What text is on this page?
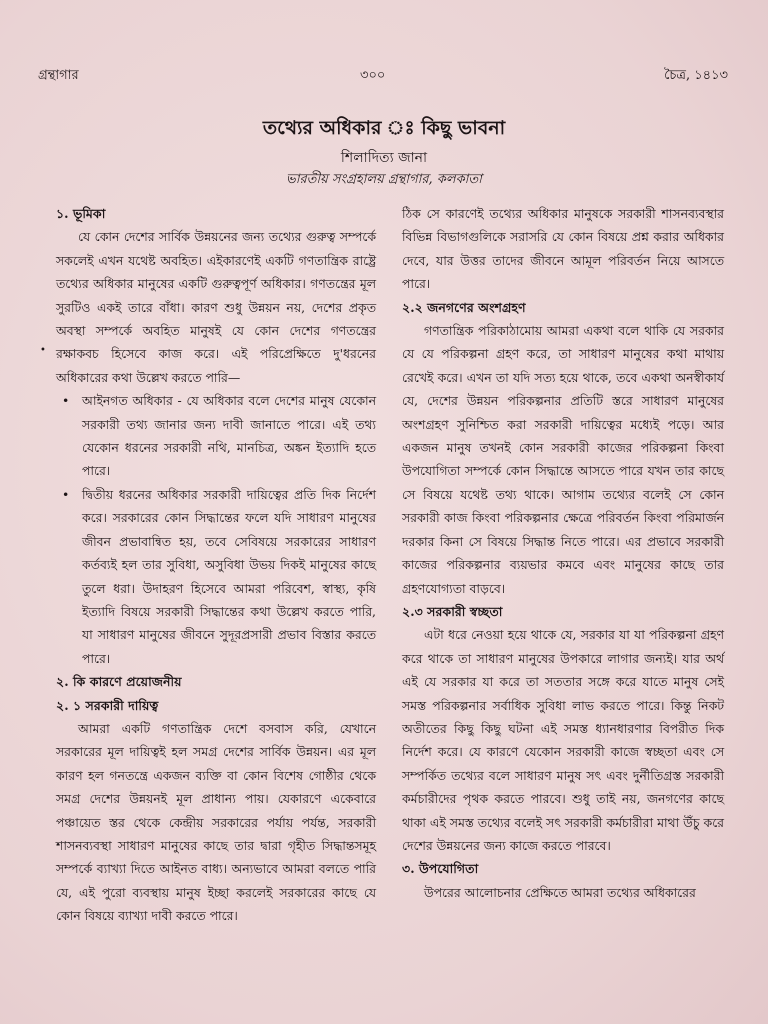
গ্রন্থাগার	৩০০	চৈত্র, ১৪১৩
তথ্যের অধিকার ঃ কিছু ভাবনা
শিলাদিত্য জানা
ভারতীয় সংগ্রহালয় গ্রন্থাগার, কলকাতা
•
১. ভূমিকা

যে কোন দেশের সার্বিক উন্নয়নের জন্য তথ্যের গুরুত্ব সম্পর্কে সকলেই এখন যথেষ্ট অবহিত। এইকারণেই একটি গণতান্ত্রিক রাষ্ট্রে তথ্যের অধিকার মানুষের একটি গুরুত্বপূর্ণ অধিকার। গণতন্ত্রের মূল সুরটিও একই তারে বাঁধা। কারণ শুধু উন্নয়ন নয়, দেশের প্রকৃত অবস্থা সম্পর্কে অবহিত মানুষই যে কোন দেশের গণতন্ত্রের রক্ষাকবচ হিসেবে কাজ করে। এই পরিপ্রেক্ষিতে দু'ধরনের অধিকারের কথা উল্লেখ করতে পারি—

• আইনগত অধিকার - যে অধিকার বলে দেশের মানুষ যেকোন সরকারী তথ্য জানার জন্য দাবী জানাতে পারে। এই তথ্য যেকোন ধরনের সরকারী নথি, মানচিত্র, অঙ্কন ইত্যাদি হতে পারে।
• দ্বিতীয় ধরনের অধিকার সরকারী দায়িত্বের প্রতি দিক নির্দেশ করে। সরকারের কোন সিদ্ধান্তের ফলে যদি সাধারণ মানুষের জীবন প্রভাবান্বিত হয়, তবে সেবিষয়ে সরকারের সাধারণ কর্তব্যই হল তার সুবিধা, অসুবিধা উভয় দিকই মানুষের কাছে তুলে ধরা। উদাহরণ হিসেবে আমরা পরিবেশ, স্বাস্থ্য, কৃষি ইত্যাদি বিষয়ে সরকারী সিদ্ধান্তের কথা উল্লেখ করতে পারি, যা সাধারণ মানুষের জীবনে সুদূরপ্রসারী প্রভাব বিস্তার করতে পারে।
২. কি কারণে প্রয়োজনীয়
২. ১ সরকারী দায়িত্ব

আমরা একটি গণতান্ত্রিক দেশে বসবাস করি, যেখানে সরকারের মূল দায়িত্বই হল সমগ্র দেশের সার্বিক উন্নয়ন। এর মূল কারণ হল গনতন্ত্রে একজন ব্যক্তি বা কোন বিশেষ গোষ্ঠীর থেকে সমগ্র দেশের উন্নয়নই মূল প্রাধান্য পায়। যেকারণে একেবারে পঞ্চায়েত স্তর থেকে কেন্দ্রীয় সরকারের পর্যায় পর্যন্ত, সরকারী শাসনব্যবস্থা সাধারণ মানুষের কাছে তার দ্বারা গৃহীত সিদ্ধান্তসমূহ সম্পর্কে ব্যাখ্যা দিতে আইনত বাধ্য। অন্যভাবে আমরা বলতে পারি যে, এই পুরো ব্যবস্থায় মানুষ ইচ্ছা করলেই সরকারের কাছে যে কোন বিষয়ে ব্যাখ্যা দাবী করতে পারে।

ঠিক সে কারণেই তথ্যের অধিকার মানুষকে সরকারী শাসনব্যবস্থার বিভিন্ন বিভাগগুলিকে সরাসরি যে কোন বিষয়ে প্রশ্ন করার অধিকার দেবে, যার উত্তর তাদের জীবনে আমূল পরিবর্তন নিয়ে আসতে পারে।

২.২ জনগণের অংশগ্রহণ

গণতান্ত্রিক পরিকাঠামোয় আমরা একথা বলে থাকি যে সরকার যে যে পরিকল্পনা গ্রহণ করে, তা সাধারণ মানুষের কথা মাথায় রেখেই করে। এখন তা যদি সত্য হয়ে থাকে, তবে একথা অনস্বীকার্য যে, দেশের উন্নয়ন পরিকল্পনার প্রতিটি স্তরে সাধারণ মানুষের অংশগ্রহণ সুনিশ্চিত করা সরকারী দায়িত্বের মধ্যেই পড়ে। আর একজন মানুষ তখনই কোন সরকারী কাজের পরিকল্পনা কিংবা উপযোগিতা সম্পর্কে কোন সিদ্ধান্তে আসতে পারে যখন তার কাছে সে বিষয়ে যথেষ্ট তথ্য থাকে। আগাম তথ্যের বলেই সে কোন সরকারী কাজ কিংবা পরিকল্পনার ক্ষেত্রে পরিবর্তন কিংবা পরিমার্জন দরকার কিনা সে বিষয়ে সিদ্ধান্ত নিতে পারে। এর প্রভাবে সরকারী কাজের পরিকল্পনার ব্যয়ভার কমবে এবং মানুষের কাছে তার গ্রহণযোগ্যতা বাড়বে।

২.৩ সরকারী স্বচ্ছতা

এটা ধরে নেওয়া হয়ে থাকে যে, সরকার যা যা পরিকল্পনা গ্রহণ করে থাকে তা সাধারণ মানুষের উপকারে লাগার জন্যই। যার অর্থ এই যে সরকার যা করে তা সততার সঙ্গে করে যাতে মানুষ সেই সমস্ত পরিকল্পনার সর্বাধিক সুবিধা লাভ করতে পারে। কিন্তু নিকট অতীতের কিছু কিছু ঘটনা এই সমস্ত ধ্যানধারণার বিপরীত দিক নির্দেশ করে। যে কারণে যেকোন সরকারী কাজে স্বচ্ছতা এবং সে সম্পর্কিত তথ্যের বলে সাধারণ মানুষ সৎ এবং দুর্নীতিগ্রস্ত সরকারী কর্মচারীদের পৃথক করতে পারবে। শুধু তাই নয়, জনগণের কাছে থাকা এই সমস্ত তথ্যের বলেই সৎ সরকারী কর্মচারীরা মাথা উঁচু করে দেশের উন্নয়নের জন্য কাজে করতে পারবে।

৩. উপযোগিতা

উপরের আলোচনার প্রেক্ষিতে আমরা তথ্যের অধিকারের
